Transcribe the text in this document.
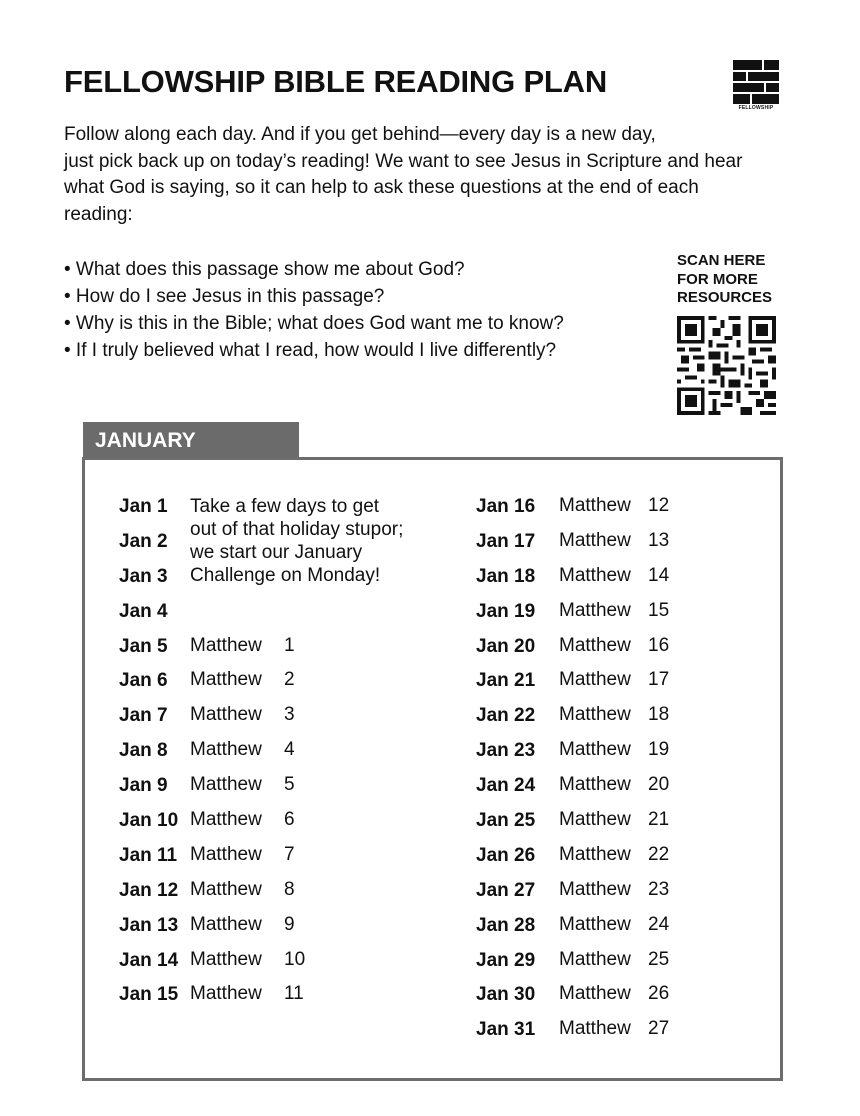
FELLOWSHIP BIBLE READING PLAN
FELLOWSHIP

Follow along each day. And if you get behind—every day is a new day,
just pick back up on today’s reading! We want to see Jesus in Scripture and hear
what God is saying, so it can help to ask these questions at the end of each
reading:

• What does this passage show me about God?
• How do I see Jesus in this passage?
• Why is this in the Bible; what does God want me to know?
• If I truly believed what I read, how would I live differently?

SCAN HERE
FOR MORE
RESOURCES

JANUARY

Take a few days to get out of that holiday stupor; we start our January Challenge on Monday!

Jan 1
Jan 2
Jan 3
Jan 4
Jan 5 Matthew 1
Jan 6 Matthew 2
Jan 7 Matthew 3
Jan 8 Matthew 4
Jan 9 Matthew 5
Jan 10 Matthew 6
Jan 11 Matthew 7
Jan 12 Matthew 8
Jan 13 Matthew 9
Jan 14 Matthew 10
Jan 15 Matthew 11
Jan 16 Matthew 12
Jan 17 Matthew 13
Jan 18 Matthew 14
Jan 19 Matthew 15
Jan 20 Matthew 16
Jan 21 Matthew 17
Jan 22 Matthew 18
Jan 23 Matthew 19
Jan 24 Matthew 20
Jan 25 Matthew 21
Jan 26 Matthew 22
Jan 27 Matthew 23
Jan 28 Matthew 24
Jan 29 Matthew 25
Jan 30 Matthew 26
Jan 31 Matthew 27
